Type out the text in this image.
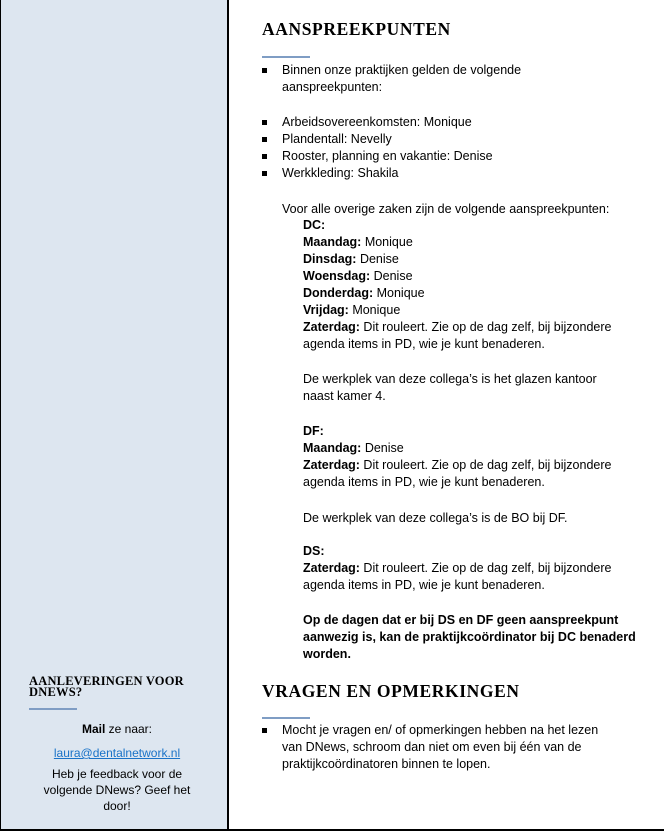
AANLEVERINGEN VOOR
DNEWS?

Mail ze naar:
laura@dentalnetwork.nl
Heb je feedback voor de
volgende DNews? Geef het
door!
AANSPREEKPUNTEN
Binnen onze praktijken gelden de volgende
aanspreekpunten:
Arbeidsovereenkomsten: Monique
Plandentall: Nevelly
Rooster, planning en vakantie: Denise
Werkkleding: Shakila
Voor alle overige zaken zijn de volgende aanspreekpunten:
DC:
Maandag: Monique
Dinsdag: Denise
Woensdag: Denise
Donderdag: Monique
Vrijdag: Monique
Zaterdag: Dit rouleert. Zie op de dag zelf, bij bijzondere
agenda items in PD, wie je kunt benaderen.
De werkplek van deze collega’s is het glazen kantoor
naast kamer 4.
DF:
Maandag: Denise
Zaterdag: Dit rouleert. Zie op de dag zelf, bij bijzondere
agenda items in PD, wie je kunt benaderen.
De werkplek van deze collega’s is de BO bij DF.
DS:
Zaterdag: Dit rouleert. Zie op de dag zelf, bij bijzondere
agenda items in PD, wie je kunt benaderen.
Op de dagen dat er bij DS en DF geen aanspreekpunt
aanwezig is, kan de praktijkcoördinator bij DC benaderd
worden.
VRAGEN EN OPMERKINGEN
Mocht je vragen en/ of opmerkingen hebben na het lezen
van DNews, schroom dan niet om even bij één van de
praktijkcoördinatoren binnen te lopen.
